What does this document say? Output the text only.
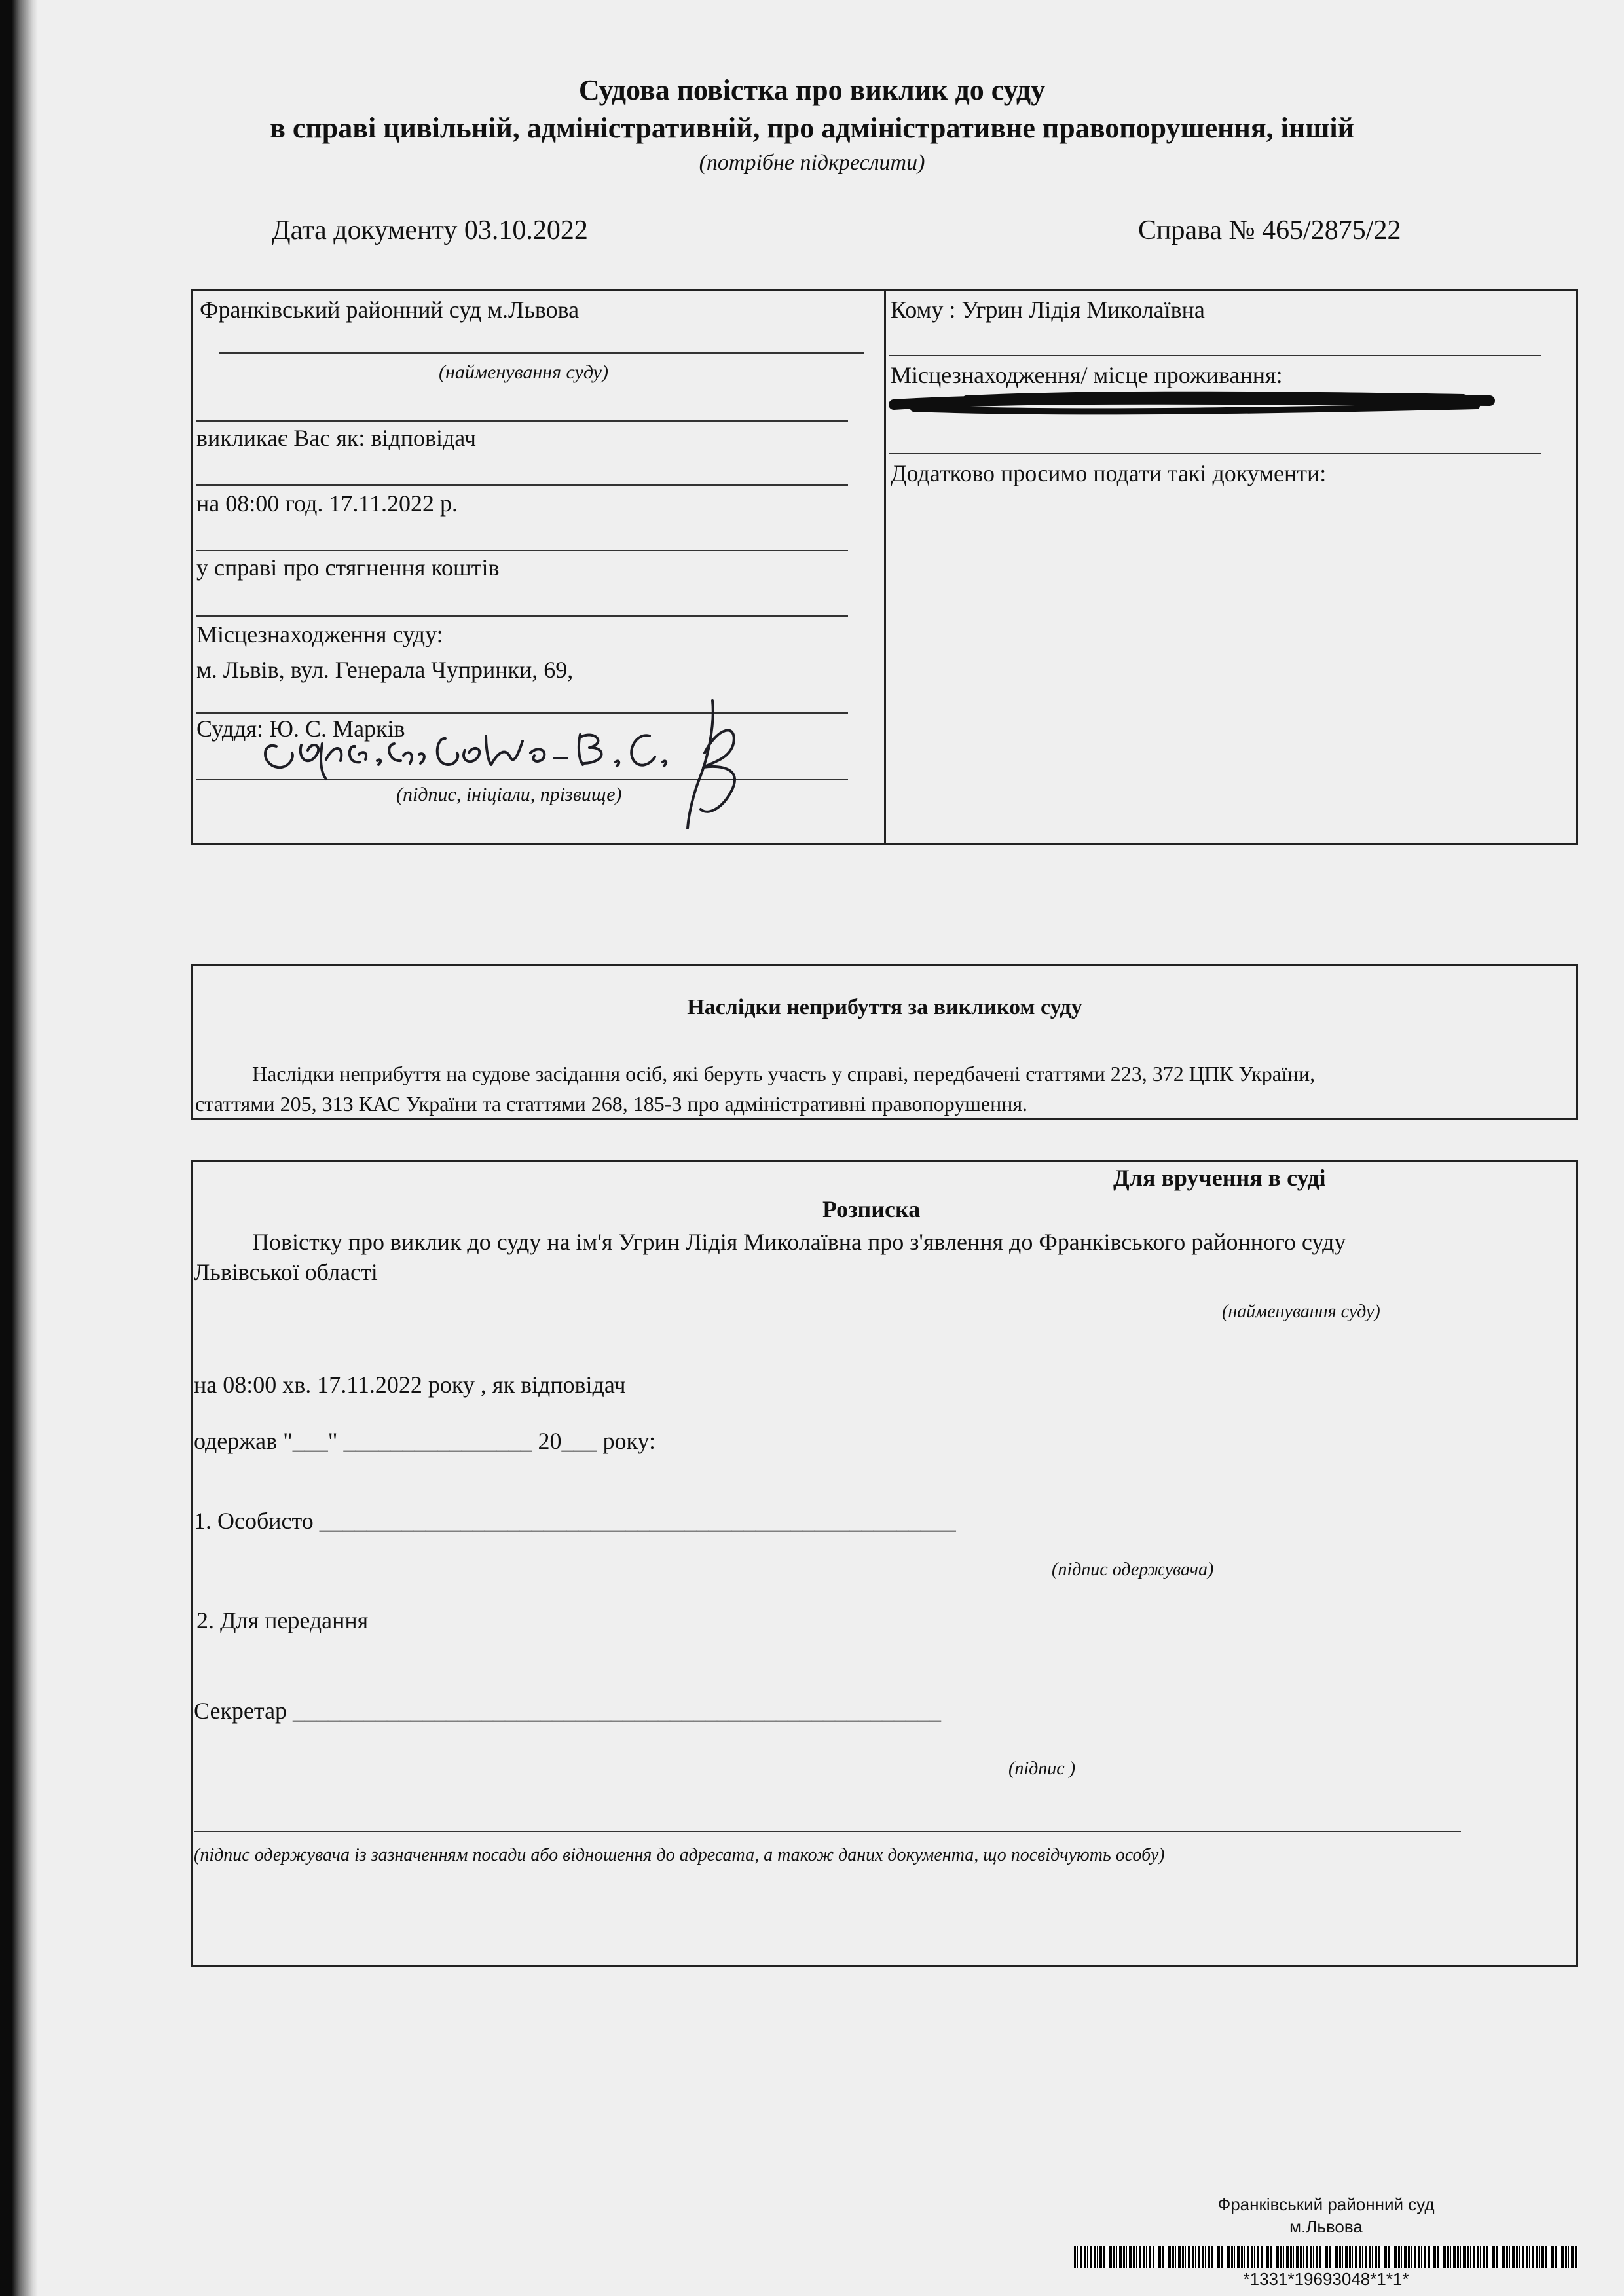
Судова повістка про виклик до суду
в справі цивільній, адміністративній, про адміністративне правопорушення, іншій
(потрібне підкреслити)
Дата документу 03.10.2022	Справа № 465/2875/22
Франківський районний суд м.Львова
(найменування суду)
викликає Вас як: відповідач
на 08:00 год. 17.11.2022 р.
у справі про стягнення коштів
Місцезнаходження суду:
м. Львів, вул. Генерала Чупринки, 69,
Суддя: Ю. С. Марків
(підпис, ініціали, прізвище)
Кому : Угрин Лідія Миколаївна
Місцезнаходження/ місце проживання:
Додатково просимо подати такі документи:
Наслідки неприбуття за викликом суду
Наслідки неприбуття на судове засідання осіб, які беруть участь у справі, передбачені статтями 223, 372 ЦПК України,
статтями 205, 313 КАС України та статтями 268, 185-3 про адміністративні правопорушення.
Для вручення в суді
Розписка
Повістку про виклик до суду на ім'я Угрин Лідія Миколаївна про з'явлення до Франківського районного суду
Львівської області
(найменування суду)
на 08:00 хв. 17.11.2022 року , як відповідач
одержав "___" ________________ 20___ року:
1. Особисто ______________________________________________________
(підпис одержувача)
2. Для передання
Секретар _______________________________________________________
(підпис )
(підпис одержувача із зазначенням посади або відношення до адресата, а також даних документа, що посвідчують особу)
Франківський районний суд
м.Львова
*1331*19693048*1*1*
